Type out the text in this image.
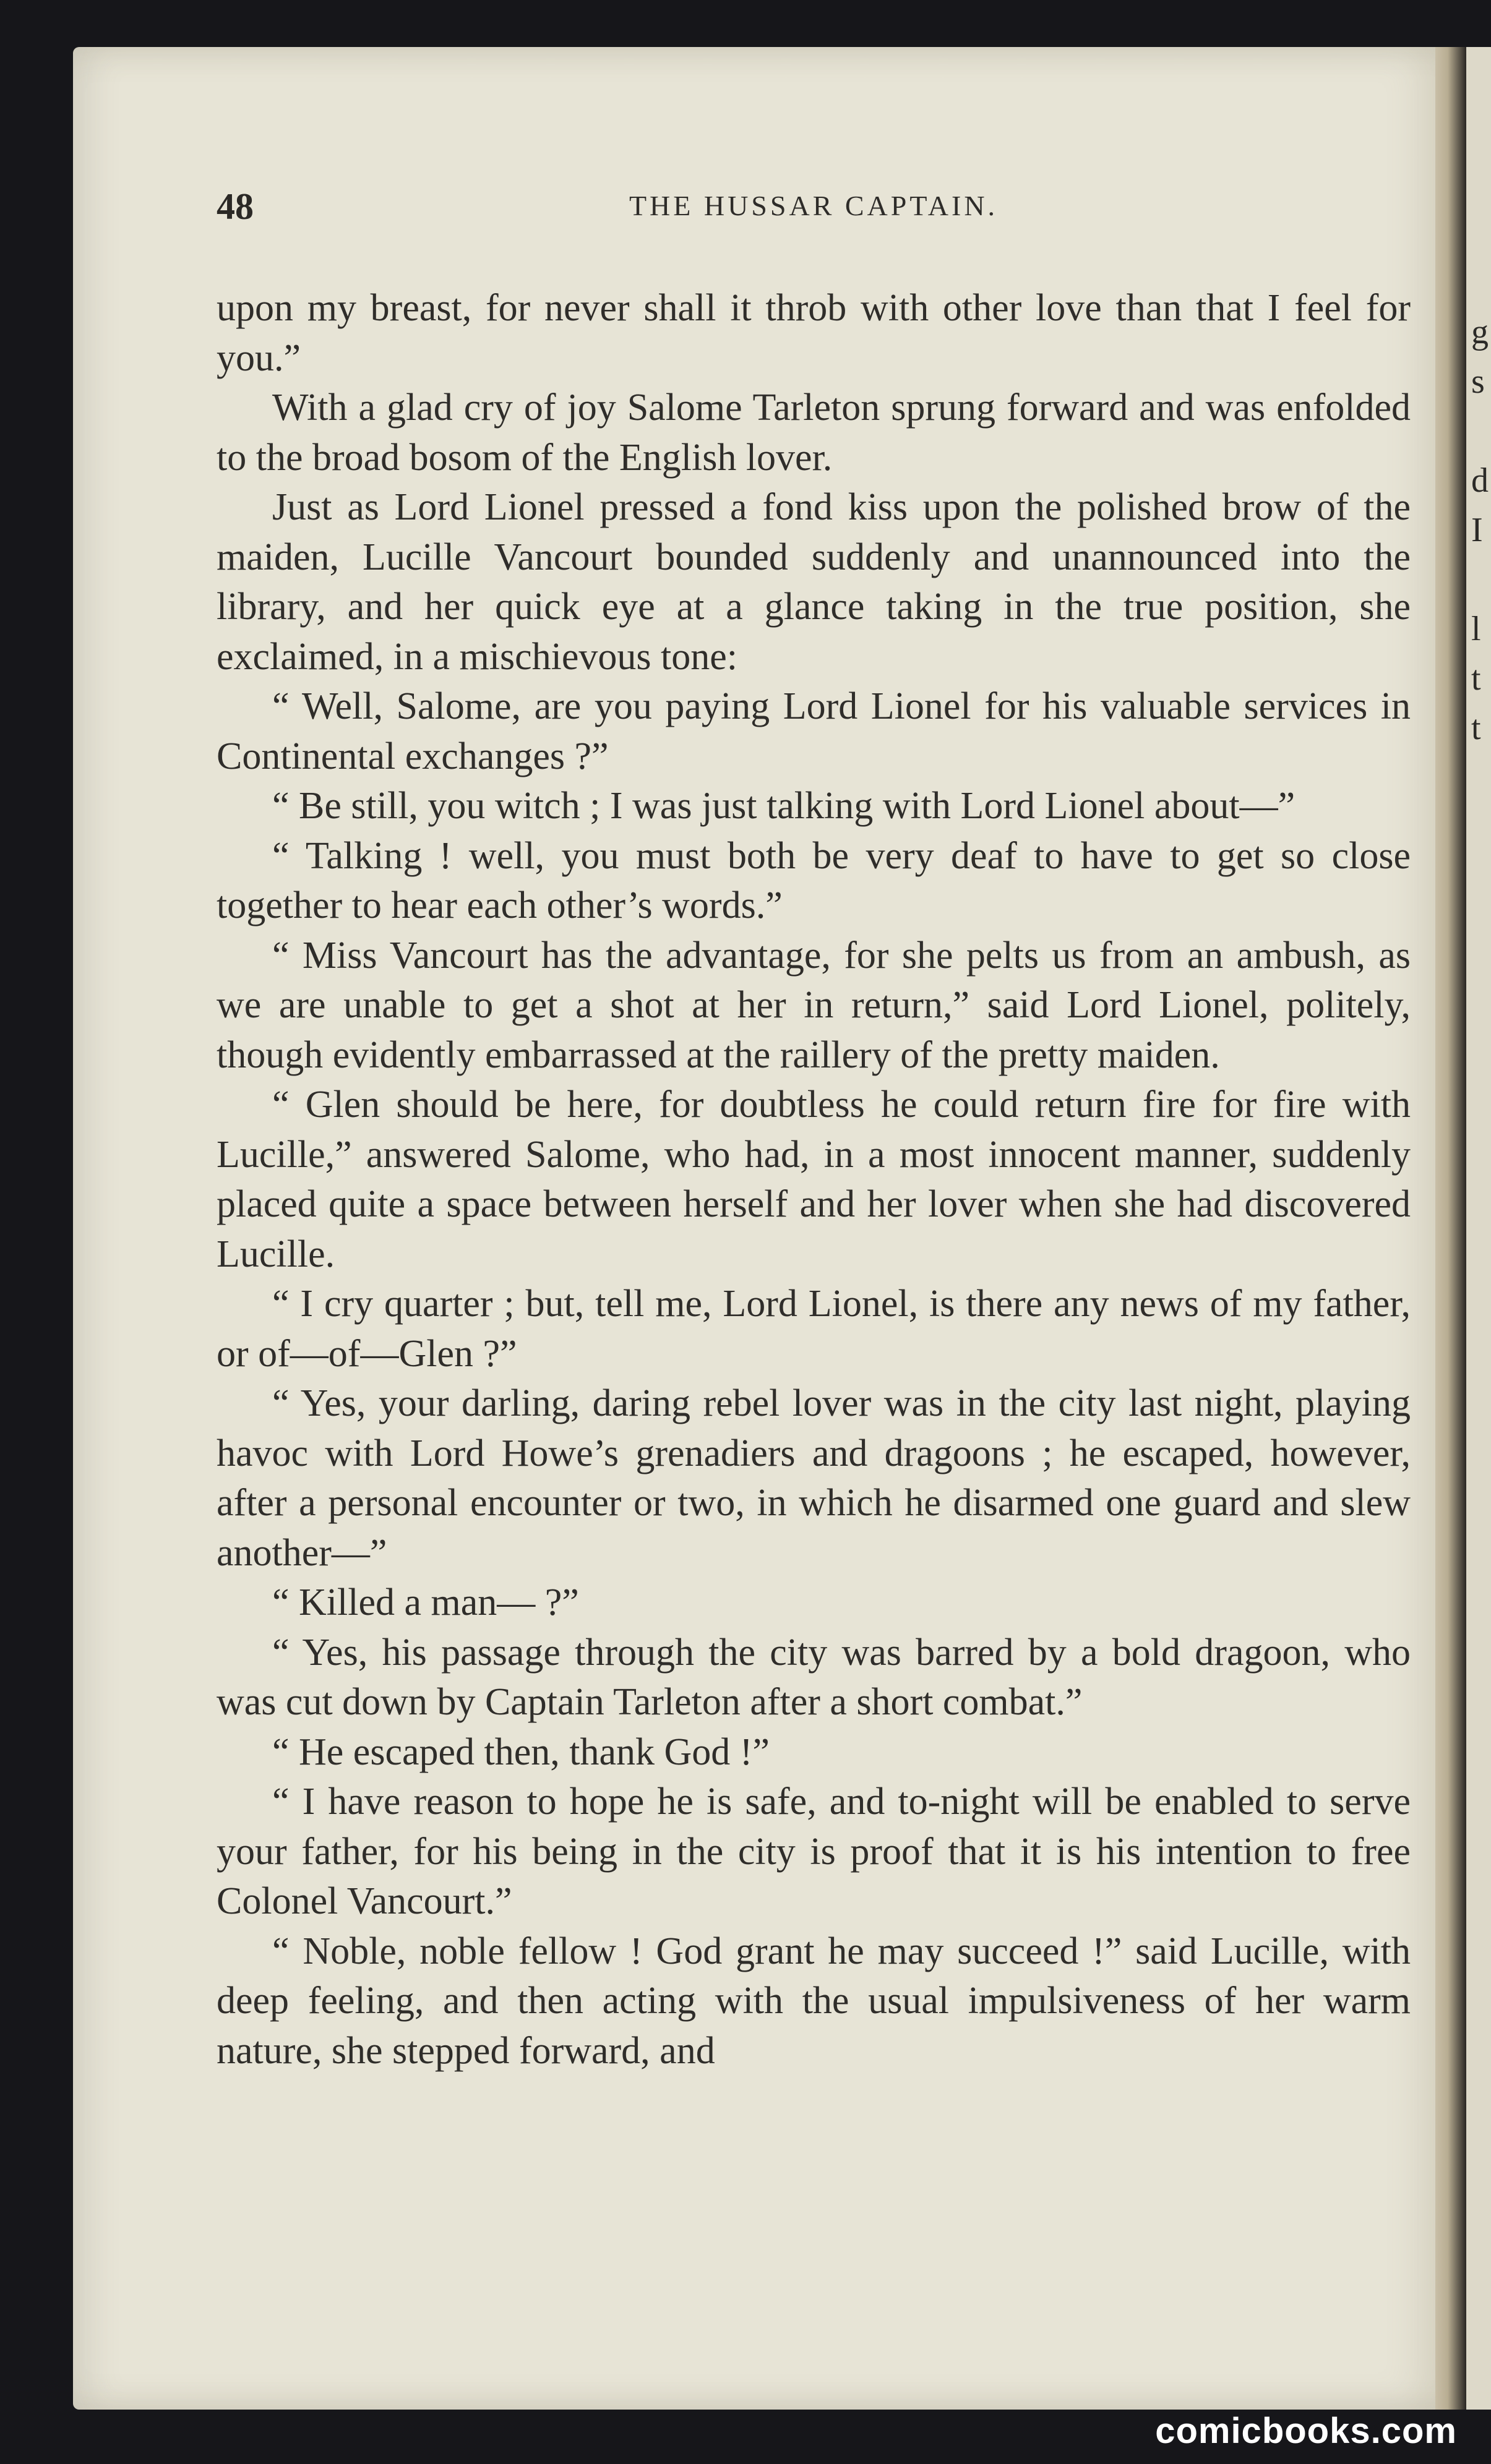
g
s
d
I
l
t
t
48	THE HUSSAR CAPTAIN.

upon my breast, for never shall it throb with other love than that I feel for you.”

With a glad cry of joy Salome Tarleton sprung forward and was enfolded to the broad bosom of the English lover.

Just as Lord Lionel pressed a fond kiss upon the polished brow of the maiden, Lucille Vancourt bounded suddenly and unannounced into the library, and her quick eye at a glance taking in the true position, she exclaimed, in a mischievous tone:

“ Well, Salome, are you paying Lord Lionel for his valuable services in Continental exchanges ?”

“ Be still, you witch ; I was just talking with Lord Lionel about—”

“ Talking ! well, you must both be very deaf to have to get so close together to hear each other’s words.”

“ Miss Vancourt has the advantage, for she pelts us from an ambush, as we are unable to get a shot at her in return,” said Lord Lionel, politely, though evidently embarrassed at the raillery of the pretty maiden.

“ Glen should be here, for doubtless he could return fire for fire with Lucille,” answered Salome, who had, in a most innocent manner, suddenly placed quite a space between herself and her lover when she had discovered Lucille.

“ I cry quarter ; but, tell me, Lord Lionel, is there any news of my father, or of—of—Glen ?”

“ Yes, your darling, daring rebel lover was in the city last night, playing havoc with Lord Howe’s grenadiers and dragoons ; he escaped, however, after a personal encounter or two, in which he disarmed one guard and slew another—”

“ Killed a man— ?”

“ Yes, his passage through the city was barred by a bold dragoon, who was cut down by Captain Tarleton after a short combat.”

“ He escaped then, thank God !”

“ I have reason to hope he is safe, and to-night will be enabled to serve your father, for his being in the city is proof that it is his intention to free Colonel Vancourt.”

“ Noble, noble fellow ! God grant he may succeed !” said Lucille, with deep feeling, and then acting with the usual impulsiveness of her warm nature, she stepped forward, and

comicbooks.com
